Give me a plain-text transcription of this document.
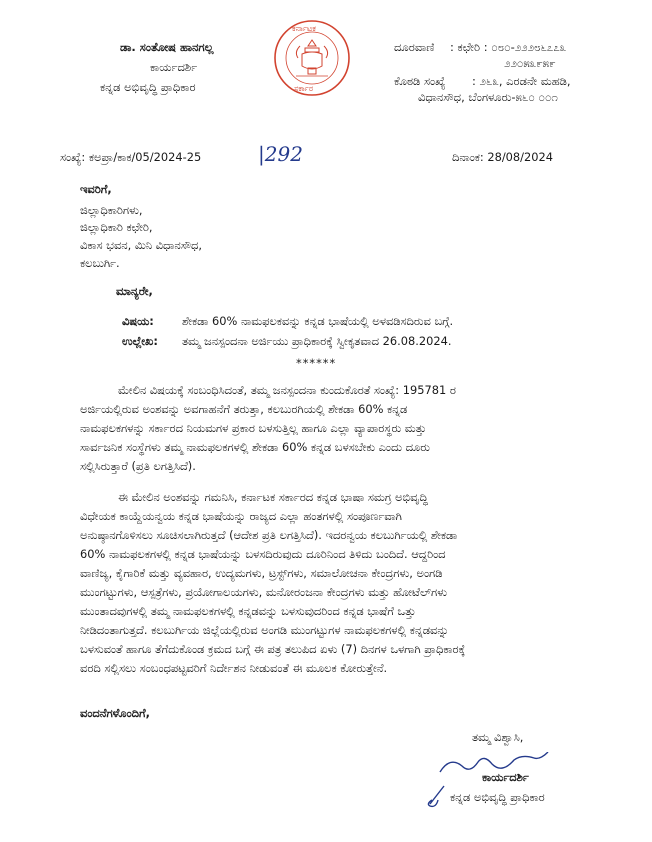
ಡಾ. ಸಂತೋಷ ಹಾನಗಲ್ಲ
ಕಾರ್ಯದರ್ಶಿ
ಕನ್ನಡ ಅಭಿವೃದ್ಧಿ ಪ್ರಾಧಿಕಾರ
ಕರ್ನಾಟಕ
ಸರ್ಕಾರ
ದೂರವಾಣಿ : ಕಛೇರಿ : ೦೮೦-೨೨೨೮೬೭೭೩
೨೨೦೫೩೯೫೯
ಕೊಠಡಿ ಸಂಖ್ಯೆ : ೨೬೩, ಎರಡನೇ ಮಹಡಿ,
ವಿಧಾನಸೌಧ, ಬೆಂಗಳೂರು-೫೬೦ ೦೦೧
ಸಂಖ್ಯೆ: ಕಅಪ್ರಾ/ಕಾಕ/05/2024-25	|292	ದಿನಾಂಕ: 28/08/2024
ಇವರಿಗೆ,
ಜಿಲ್ಲಾಧಿಕಾರಿಗಳು,
ಜಿಲ್ಲಾಧಿಕಾರಿ ಕಛೇರಿ,
ವಿಕಾಸ ಭವನ, ಮಿನಿ ವಿಧಾನಸೌಧ,
ಕಲಬುರ್ಗಿ.
ಮಾನ್ಯರೇ,
ವಿಷಯ: ಶೇಕಡಾ 60% ನಾಮಫಲಕವನ್ನು ಕನ್ನಡ ಭಾಷೆಯಲ್ಲಿ ಅಳವಡಿಸದಿರುವ ಬಗ್ಗೆ.
ಉಲ್ಲೇಖ: ತಮ್ಮ ಜನಸ್ಪಂದನಾ ಅರ್ಜಿಯು ಪ್ರಾಧಿಕಾರಕ್ಕೆ ಸ್ವೀಕೃತವಾದ 26.08.2024.
******
ಮೇಲಿನ ವಿಷಯಕ್ಕೆ ಸಂಬಂಧಿಸಿದಂತೆ, ತಮ್ಮ ಜನಸ್ಪಂದನಾ ಕುಂದುಕೊರತೆ ಸಂಖ್ಯೆ: 195781 ರ
ಅರ್ಜಿಯಲ್ಲಿರುವ ಅಂಶವನ್ನು ಅವಗಾಹನೆಗೆ ತರುತ್ತಾ, ಕಲಬುರಗಿಯಲ್ಲಿ ಶೇಕಡಾ 60% ಕನ್ನಡ
ನಾಮಫಲಕಗಳನ್ನು ಸರ್ಕಾರದ ನಿಯಮಗಳ ಪ್ರಕಾರ ಬಳಸುತ್ತಿಲ್ಲ ಹಾಗೂ ಎಲ್ಲಾ ವ್ಯಾಪಾರಸ್ಥರು ಮತ್ತು
ಸಾರ್ವಜನಿಕ ಸಂಸ್ಥೆಗಳು ತಮ್ಮ ನಾಮಫಲಕಗಳಲ್ಲಿ ಶೇಕಡಾ 60% ಕನ್ನಡ ಬಳಸಬೇಕು ಎಂದು ದೂರು
ಸಲ್ಲಿಸಿರುತ್ತಾರೆ (ಪ್ರತಿ ಲಗತ್ತಿಸಿದೆ).
ಈ ಮೇಲಿನ ಅಂಶವನ್ನು ಗಮನಿಸಿ, ಕರ್ನಾಟಕ ಸರ್ಕಾರದ ಕನ್ನಡ ಭಾಷಾ ಸಮಗ್ರ ಅಭಿವೃದ್ಧಿ
ವಿಧೇಯಕ ಕಾಯ್ದೆಯನ್ವಯ ಕನ್ನಡ ಭಾಷೆಯನ್ನು ರಾಜ್ಯದ ಎಲ್ಲಾ ಹಂತಗಳಲ್ಲಿ ಸಂಪೂರ್ಣವಾಗಿ
ಅನುಷ್ಠಾನಗೊಳಿಸಲು ಸೂಚಿಸಲಾಗಿರುತ್ತದೆ (ಆದೇಶ ಪ್ರತಿ ಲಗತ್ತಿಸಿದೆ). ಇದರನ್ವಯ ಕಲಬುರ್ಗಿಯಲ್ಲಿ ಶೇಕಡಾ
60% ನಾಮಫಲಕಗಳಲ್ಲಿ ಕನ್ನಡ ಭಾಷೆಯನ್ನು ಬಳಸದಿರುವುದು ದೂರಿನಿಂದ ತಿಳಿದು ಬಂದಿದೆ. ಆದ್ದರಿಂದ
ವಾಣಿಜ್ಯ, ಕೈಗಾರಿಕೆ ಮತ್ತು ವ್ಯವಹಾರ, ಉದ್ಯಮಗಳು, ಟ್ರಸ್ಟ್‌ಗಳು, ಸಮಾಲೋಚನಾ ಕೇಂದ್ರಗಳು, ಅಂಗಡಿ
ಮುಂಗಟ್ಟುಗಳು, ಆಸ್ಪತ್ರೆಗಳು, ಪ್ರಯೋಗಾಲಯಗಳು, ಮನೋರಂಜನಾ ಕೇಂದ್ರಗಳು ಮತ್ತು ಹೋಟೆಲ್‌ಗಳು
ಮುಂತಾದವುಗಳಲ್ಲಿ ತಮ್ಮ ನಾಮಫಲಕಗಳಲ್ಲಿ ಕನ್ನಡವನ್ನು ಬಳಸುವುದರಿಂದ ಕನ್ನಡ ಭಾಷೆಗೆ ಒತ್ತು
ನೀಡಿದಂತಾಗುತ್ತದೆ. ಕಲಬುರ್ಗಿಯ ಜಿಲ್ಲೆಯಲ್ಲಿರುವ ಅಂಗಡಿ ಮುಂಗಟ್ಟುಗಳ ನಾಮಫಲಕಗಳಲ್ಲಿ ಕನ್ನಡವನ್ನು
ಬಳಸುವಂತೆ ಹಾಗೂ ತೆಗೆದುಕೊಂಡ ಕ್ರಮದ ಬಗ್ಗೆ ಈ ಪತ್ರ ತಲುಪಿದ ಏಳು (7) ದಿನಗಳ ಒಳಗಾಗಿ ಪ್ರಾಧಿಕಾರಕ್ಕೆ
ವರದಿ ಸಲ್ಲಿಸಲು ಸಂಬಂಧಪಟ್ಟವರಿಗೆ ನಿರ್ದೇಶನ ನೀಡುವಂತೆ ಈ ಮೂಲಕ ಕೋರುತ್ತೇನೆ.
ವಂದನೆಗಳೊಂದಿಗೆ,
ತಮ್ಮ ವಿಶ್ವಾಸಿ,
ಕಾರ್ಯದರ್ಶಿ
ಕನ್ನಡ ಅಭಿವೃದ್ಧಿ ಪ್ರಾಧಿಕಾರ
